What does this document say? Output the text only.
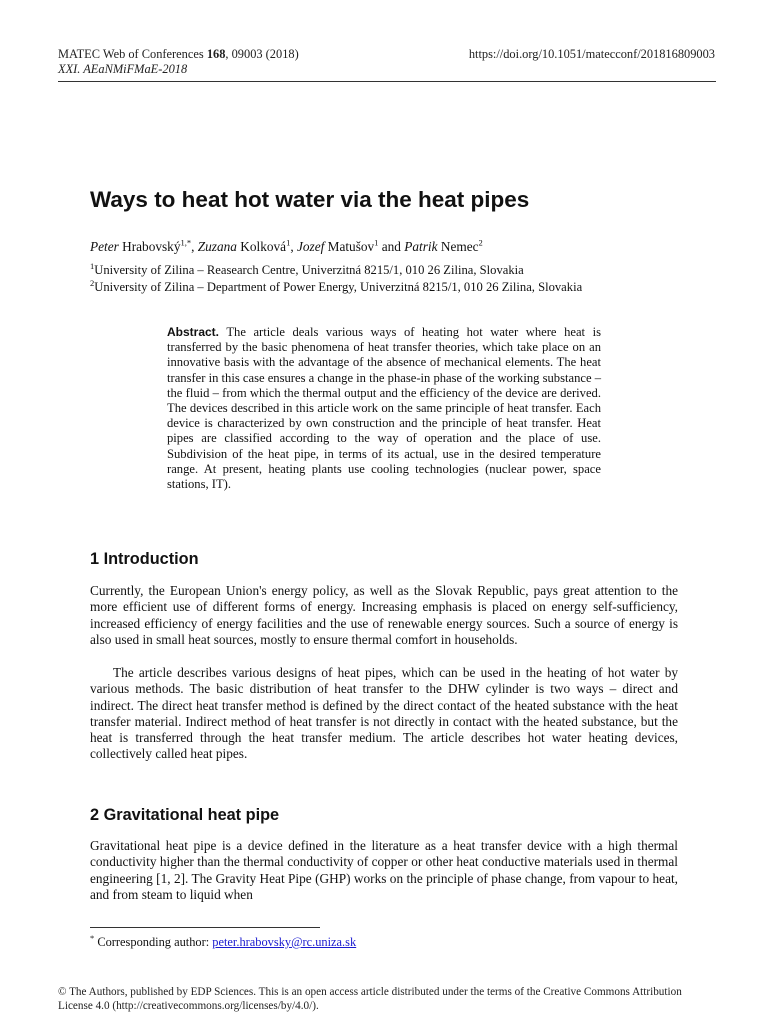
MATEC Web of Conferences 168, 09003 (2018)	https://doi.org/10.1051/matecconf/201816809003
XXI. AEaNMiFMaE-2018
Ways to heat hot water via the heat pipes
Peter Hrabovský$^{1,*}$, Zuzana Kolková$^1$, Jozef Matušov$^1$ and Patrik Nemec$^2$
$^1$University of Zilina – Reasearch Centre, Univerzitná 8215/1, 010 26 Zilina, Slovakia
$^2$University of Zilina – Department of Power Energy, Univerzitná 8215/1, 010 26 Zilina, Slovakia
Abstract. The article deals various ways of heating hot water where heat is transferred by the basic phenomena of heat transfer theories, which take place on an innovative basis with the advantage of the absence of mechanical elements. The heat transfer in this case ensures a change in the phase-in phase of the working substance – the fluid – from which the thermal output and the efficiency of the device are derived. The devices described in this article work on the same principle of heat transfer. Each device is characterized by own construction and the principle of heat transfer. Heat pipes are classified according to the way of operation and the place of use. Subdivision of the heat pipe, in terms of its actual, use in the desired temperature range. At present, heating plants use cooling technologies (nuclear power, space stations, IT).
1 Introduction
Currently, the European Union's energy policy, as well as the Slovak Republic, pays great attention to the more efficient use of different forms of energy. Increasing emphasis is placed on energy self-sufficiency, increased efficiency of energy facilities and the use of renewable energy sources. Such a source of energy is also used in small heat sources, mostly to ensure thermal comfort in households.
The article describes various designs of heat pipes, which can be used in the heating of hot water by various methods. The basic distribution of heat transfer to the DHW cylinder is two ways – direct and indirect. The direct heat transfer method is defined by the direct contact of the heated substance with the heat transfer material. Indirect method of heat transfer is not directly in contact with the heated substance, but the heat is transferred through the heat transfer medium. The article describes hot water heating devices, collectively called heat pipes.
2 Gravitational heat pipe
Gravitational heat pipe is a device defined in the literature as a heat transfer device with a high thermal conductivity higher than the thermal conductivity of copper or other heat conductive materials used in thermal engineering [1, 2]. The Gravity Heat Pipe (GHP) works on the principle of phase change, from vapour to heat, and from steam to liquid when
* Corresponding author: peter.hrabovsky@rc.uniza.sk
© The Authors, published by EDP Sciences. This is an open access article distributed under the terms of the Creative Commons Attribution License 4.0 (http://creativecommons.org/licenses/by/4.0/).
